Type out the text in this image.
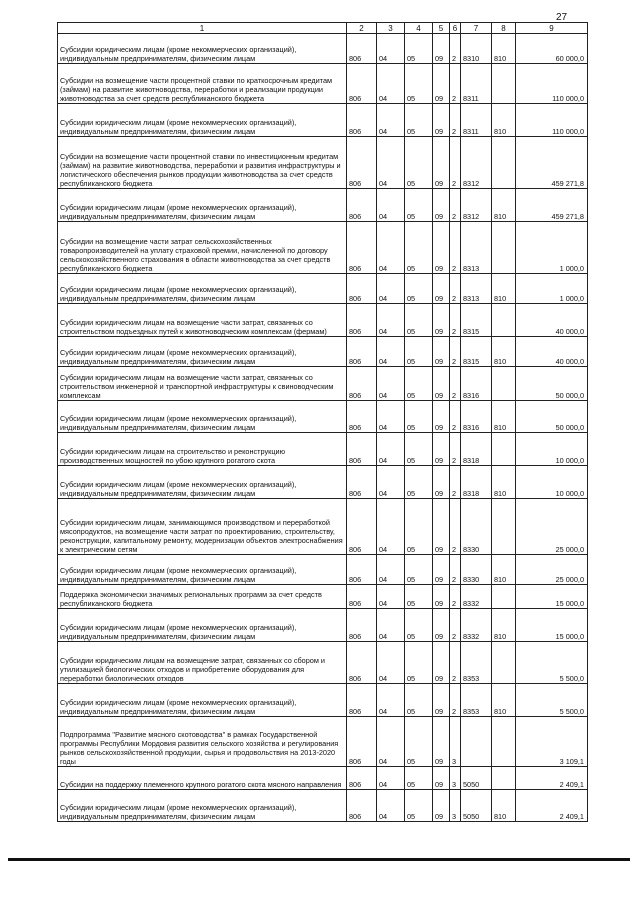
27
1	2	3	4	5	6	7	8	9
Субсидии юридическим лицам (кроме некоммерческих организаций), индивидуальным предпринимателям, физическим лицам	806	04	05	09	2	8310	810	60 000,0
Субсидии на возмещение части процентной ставки по краткосрочным кредитам (займам) на развитие животноводства, переработки и реализации продукции животноводства за счет средств республиканского бюджета	806	04	05	09	2	8311		110 000,0
Субсидии юридическим лицам (кроме некоммерческих организаций), индивидуальным предпринимателям, физическим лицам	806	04	05	09	2	8311	810	110 000,0
Субсидии на возмещение части процентной ставки по инвестиционным кредитам (займам) на развитие животноводства, переработки и развития инфраструктуры и логистического обеспечения рынков продукции животноводства за счет средств республиканского бюджета	806	04	05	09	2	8312		459 271,8
Субсидии юридическим лицам (кроме некоммерческих организаций), индивидуальным предпринимателям, физическим лицам	806	04	05	09	2	8312	810	459 271,8
Субсидии на возмещение части затрат сельскохозяйственных товаропроизводителей на уплату страховой премии, начисленной по договору сельскохозяйственного страхования в области животноводства за счет средств республиканского бюджета	806	04	05	09	2	8313		1 000,0
Субсидии юридическим лицам (кроме некоммерческих организаций), индивидуальным предпринимателям, физическим лицам	806	04	05	09	2	8313	810	1 000,0
Субсидии юридическим лицам на возмещение части затрат, связанных со строительством подъездных путей к животноводческим комплексам (фермам)	806	04	05	09	2	8315		40 000,0
Субсидии юридическим лицам (кроме некоммерческих организаций), индивидуальным предпринимателям, физическим лицам	806	04	05	09	2	8315	810	40 000,0
Субсидии юридическим лицам на возмещение части затрат, связанных со строительством инженерной и транспортной инфраструктуры к свиноводческим комплексам	806	04	05	09	2	8316		50 000,0
Субсидии юридическим лицам (кроме некоммерческих организаций), индивидуальным предпринимателям, физическим лицам	806	04	05	09	2	8316	810	50 000,0
Субсидии юридическим лицам на строительство и реконструкцию производственных мощностей по убою крупного рогатого скота	806	04	05	09	2	8318		10 000,0
Субсидии юридическим лицам (кроме некоммерческих организаций), индивидуальным предпринимателям, физическим лицам	806	04	05	09	2	8318	810	10 000,0
Субсидии юридическим лицам, занимающимся производством и переработкой мясопродуктов, на возмещение части затрат по проектированию, строительству, реконструкции, капитальному ремонту, модернизации объектов электроснабжения к электрическим сетям	806	04	05	09	2	8330		25 000,0
Субсидии юридическим лицам (кроме некоммерческих организаций), индивидуальным предпринимателям, физическим лицам	806	04	05	09	2	8330	810	25 000,0
Поддержка экономически значимых региональных программ за счет средств республиканского бюджета	806	04	05	09	2	8332		15 000,0
Субсидии юридическим лицам (кроме некоммерческих организаций), индивидуальным предпринимателям, физическим лицам	806	04	05	09	2	8332	810	15 000,0
Субсидии юридическим лицам на возмещение затрат, связанных со сбором и утилизацией биологических отходов и приобретение оборудования для переработки биологических отходов	806	04	05	09	2	8353		5 500,0
Субсидии юридическим лицам (кроме некоммерческих организаций), индивидуальным предпринимателям, физическим лицам	806	04	05	09	2	8353	810	5 500,0
Подпрограмма "Развитие мясного скотоводства" в рамках Государственной программы Республики Мордовия развития сельского хозяйства и регулирования рынков сельскохозяйственной продукции, сырья и продовольствия на 2013-2020 годы	806	04	05	09	3			3 109,1
Субсидии на поддержку племенного крупного рогатого скота мясного направления	806	04	05	09	3	5050		2 409,1
Субсидии юридическим лицам (кроме некоммерческих организаций), индивидуальным предпринимателям, физическим лицам	806	04	05	09	3	5050	810	2 409,1
